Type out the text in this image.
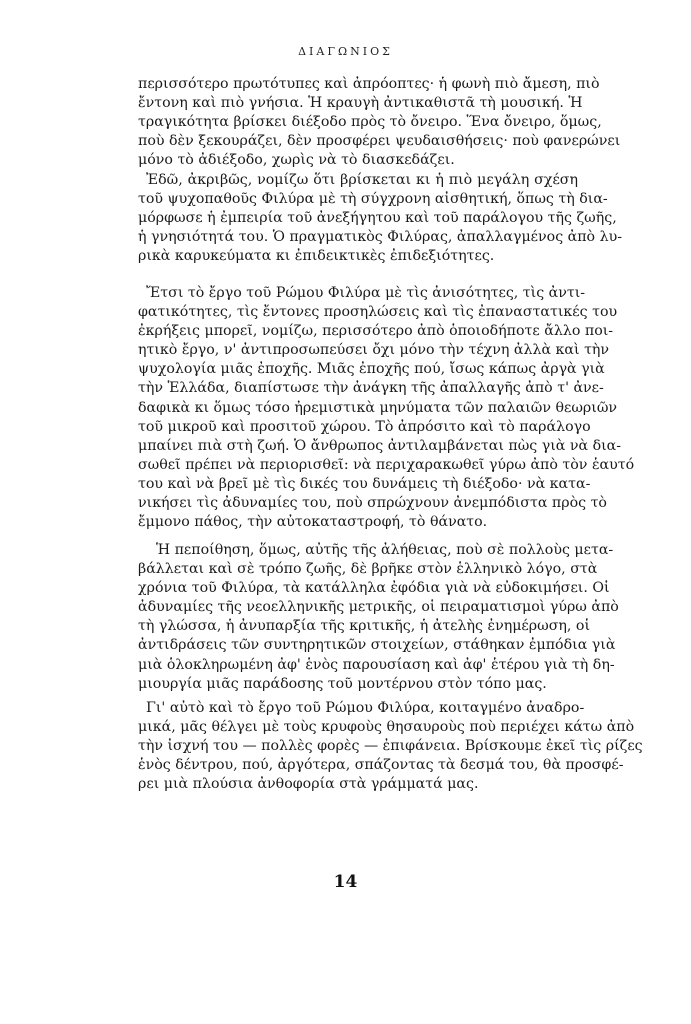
ΔΙΑΓΩΝΙΟΣ
περισσότερο πρωτότυπες καὶ ἀπρόοπτες· ἡ φωνὴ πιὸ ἄμεση, πιὸ
ἔντονη καὶ πιὸ γνήσια. Ἡ κραυγὴ ἀντικαθιστᾶ τὴ μουσική. Ἡ
τραγικότητα βρίσκει διέξοδο πρὸς τὸ ὄνειρο. Ἕνα ὄνειρο, ὅμως,
ποὺ δὲν ξεκουράζει, δὲν προσφέρει ψευδαισθήσεις· ποὺ φανερώνει
μόνο τὸ ἀδιέξοδο, χωρὶς νὰ τὸ διασκεδάζει.
Ἐδῶ, ἀκριβῶς, νομίζω ὅτι βρίσκεται κι ἡ πιὸ μεγάλη σχέση
τοῦ ψυχοπαθοῦς Φιλύρα μὲ τὴ σύγχρονη αἰσθητική, ὅπως τὴ δια-
μόρφωσε ἡ ἐμπειρία τοῦ ἀνεξήγητου καὶ τοῦ παράλογου τῆς ζωῆς,
ἡ γνησιότητά του. Ὁ πραγματικὸς Φιλύρας, ἀπαλλαγμένος ἀπὸ λυ-
ρικὰ καρυκεύματα κι ἐπιδεικτικὲς ἐπιδεξιότητες.
Ἔτσι τὸ ἔργο τοῦ Ρώμου Φιλύρα μὲ τὶς ἀνισότητες, τὶς ἀντι-
φατικότητες, τὶς ἔντονες προσηλώσεις καὶ τὶς ἐπαναστατικές του
ἐκρήξεις μπορεῖ, νομίζω, περισσότερο ἀπὸ ὁποιοδήποτε ἄλλο ποι-
ητικὸ ἔργο, ν' ἀντιπροσωπεύσει ὄχι μόνο τὴν τέχνη ἀλλὰ καὶ τὴν
ψυχολογία μιᾶς ἐποχῆς. Μιᾶς ἐποχῆς πού, ἴσως κάπως ἀργὰ γιὰ
τὴν Ἑλλάδα, διαπίστωσε τὴν ἀνάγκη τῆς ἀπαλλαγῆς ἀπὸ τ' ἀνε-
δαφικὰ κι ὅμως τόσο ἠρεμιστικὰ μηνύματα τῶν παλαιῶν θεωριῶν
τοῦ μικροῦ καὶ προσιτοῦ χώρου. Τὸ ἀπρόσιτο καὶ τὸ παράλογο
μπαίνει πιὰ στὴ ζωή. Ὁ ἄνθρωπος ἀντιλαμβάνεται πὼς γιὰ νὰ δια-
σωθεῖ πρέπει νὰ περιορισθεῖ: νὰ περιχαρακωθεῖ γύρω ἀπὸ τὸν ἑαυτό
του καὶ νὰ βρεῖ μὲ τὶς δικές του δυνάμεις τὴ διέξοδο· νὰ κατα-
νικήσει τὶς ἀδυναμίες του, ποὺ σπρώχνουν ἀνεμπόδιστα πρὸς τὸ
ἔμμονο πάθος, τὴν αὐτοκαταστροφή, τὸ θάνατο.
Ἡ πεποίθηση, ὅμως, αὐτῆς τῆς ἀλήθειας, ποὺ σὲ πολλοὺς μετα-
βάλλεται καὶ σὲ τρόπο ζωῆς, δὲ βρῆκε στὸν ἑλληνικὸ λόγο, στὰ
χρόνια τοῦ Φιλύρα, τὰ κατάλληλα ἐφόδια γιὰ νὰ εὐδοκιμήσει. Οἱ
ἀδυναμίες τῆς νεοελληνικῆς μετρικῆς, οἱ πειραματισμοὶ γύρω ἀπὸ
τὴ γλώσσα, ἡ ἀνυπαρξία τῆς κριτικῆς, ἡ ἀτελὴς ἐνημέρωση, οἱ
ἀντιδράσεις τῶν συντηρητικῶν στοιχείων, στάθηκαν ἐμπόδια γιὰ
μιὰ ὁλοκληρωμένη ἀφ' ἑνὸς παρουσίαση καὶ ἀφ' ἑτέρου γιὰ τὴ δη-
μιουργία μιᾶς παράδοσης τοῦ μοντέρνου στὸν τόπο μας.
Γι' αὐτὸ καὶ τὸ ἔργο τοῦ Ρώμου Φιλύρα, κοιταγμένο ἀναδρο-
μικά, μᾶς θέλγει μὲ τοὺς κρυφοὺς θησαυροὺς ποὺ περιέχει κάτω ἀπὸ
τὴν ἰσχνή του — πολλὲς φορὲς — ἐπιφάνεια. Βρίσκουμε ἐκεῖ τὶς ρίζες
ἑνὸς δέντρου, πού, ἀργότερα, σπάζοντας τὰ δεσμά του, θὰ προσφέ-
ρει μιὰ πλούσια ἀνθοφορία στὰ γράμματά μας.
14
